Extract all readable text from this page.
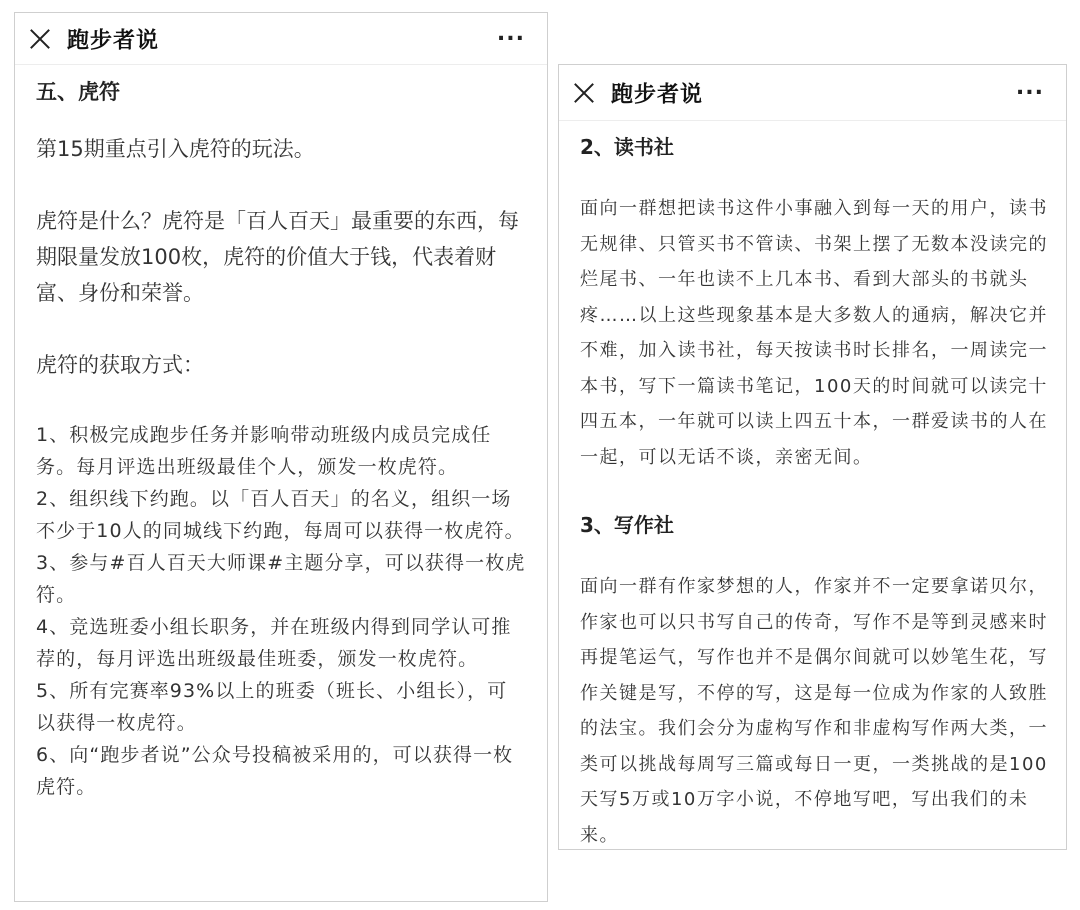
跑步者说	···

五、虎符

第15期重点引入虎符的玩法。

虎符是什么？虎符是「百人百天」最重要的东西，每期限量发放100枚，虎符的价值大于钱，代表着财富、身份和荣誉。

虎符的获取方式：

1、积极完成跑步任务并影响带动班级内成员完成任务。每月评选出班级最佳个人，颁发一枚虎符。

2、组织线下约跑。以「百人百天」的名义，组织一场不少于10人的同城线下约跑，每周可以获得一枚虎符。

3、参与#百人百天大师课#主题分享，可以获得一枚虎符。

4、竞选班委小组长职务，并在班级内得到同学认可推荐的，每月评选出班级最佳班委，颁发一枚虎符。

5、所有完赛率93%以上的班委（班长、小组长），可以获得一枚虎符。

6、向“跑步者说”公众号投稿被采用的，可以获得一枚虎符。

跑步者说	···

2、读书社

面向一群想把读书这件小事融入到每一天的用户，读书无规律、只管买书不管读、书架上摆了无数本没读完的烂尾书、一年也读不上几本书、看到大部头的书就头疼……以上这些现象基本是大多数人的通病，解决它并不难，加入读书社，每天按读书时长排名，一周读完一本书，写下一篇读书笔记，100天的时间就可以读完十四五本，一年就可以读上四五十本，一群爱读书的人在一起，可以无话不谈，亲密无间。

3、写作社

面向一群有作家梦想的人，作家并不一定要拿诺贝尔，作家也可以只书写自己的传奇，写作不是等到灵感来时再提笔运气，写作也并不是偶尔间就可以妙笔生花，写作关键是写，不停的写，这是每一位成为作家的人致胜的法宝。我们会分为虚构写作和非虚构写作两大类，一类可以挑战每周写三篇或每日一更，一类挑战的是100天写5万或10万字小说，不停地写吧，写出我们的未来。
